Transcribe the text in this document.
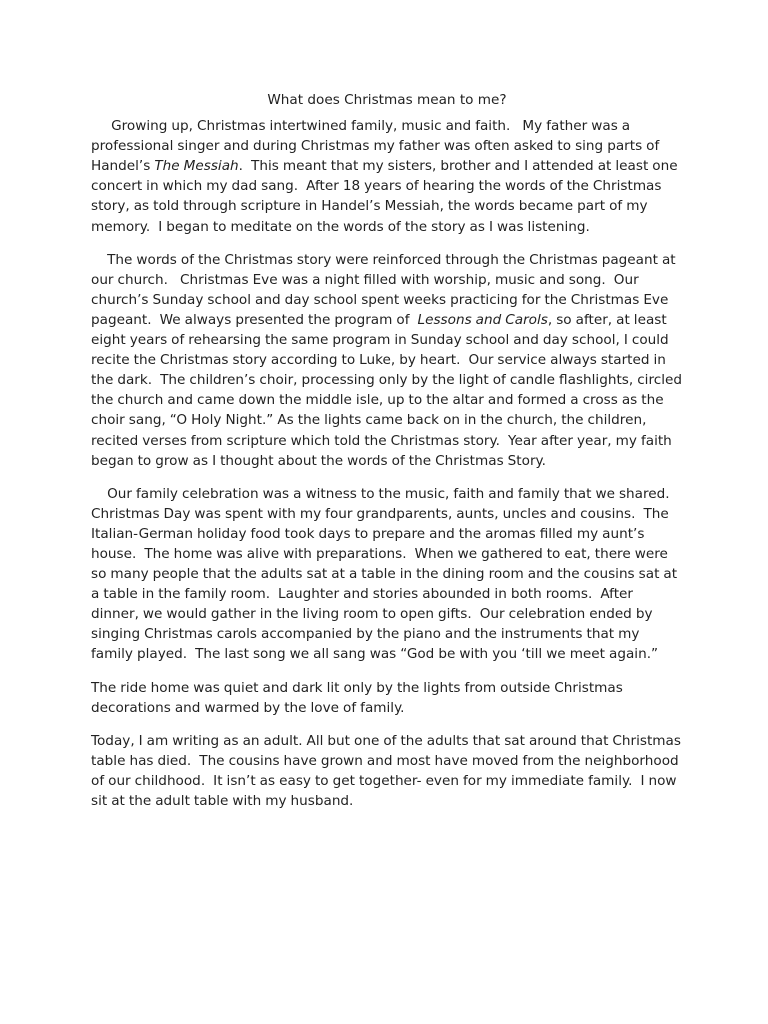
What does Christmas mean to me?

Growing up, Christmas intertwined family, music and faith.   My father was a professional singer and during Christmas my father was often asked to sing parts of Handel’s The Messiah.  This meant that my sisters, brother and I attended at least one concert in which my dad sang.  After 18 years of hearing the words of the Christmas story, as told through scripture in Handel’s Messiah, the words became part of my memory.  I began to meditate on the words of the story as I was listening.

The words of the Christmas story were reinforced through the Christmas pageant at our church.   Christmas Eve was a night filled with worship, music and song.  Our church’s Sunday school and day school spent weeks practicing for the Christmas Eve pageant.  We always presented the program of  Lessons and Carols, so after, at least eight years of rehearsing the same program in Sunday school and day school, I could recite the Christmas story according to Luke, by heart.  Our service always started in the dark.  The children’s choir, processing only by the light of candle flashlights, circled the church and came down the middle isle, up to the altar and formed a cross as the choir sang, “O Holy Night.” As the lights came back on in the church, the children, recited verses from scripture which told the Christmas story.  Year after year, my faith began to grow as I thought about the words of the Christmas Story.

Our family celebration was a witness to the music, faith and family that we shared.   Christmas Day was spent with my four grandparents, aunts, uncles and cousins.  The Italian-German holiday food took days to prepare and the aromas filled my aunt’s house.  The home was alive with preparations.  When we gathered to eat, there were so many people that the adults sat at a table in the dining room and the cousins sat at a table in the family room.  Laughter and stories abounded in both rooms.  After dinner, we would gather in the living room to open gifts.  Our celebration ended by singing Christmas carols accompanied by the piano and the instruments that my family played.  The last song we all sang was “God be with you ‘till we meet again.”

The ride home was quiet and dark lit only by the lights from outside Christmas decorations and warmed by the love of family.

Today, I am writing as an adult. All but one of the adults that sat around that Christmas table has died.  The cousins have grown and most have moved from the neighborhood of our childhood.  It isn’t as easy to get together- even for my immediate family.  I now sit at the adult table with my husband.
